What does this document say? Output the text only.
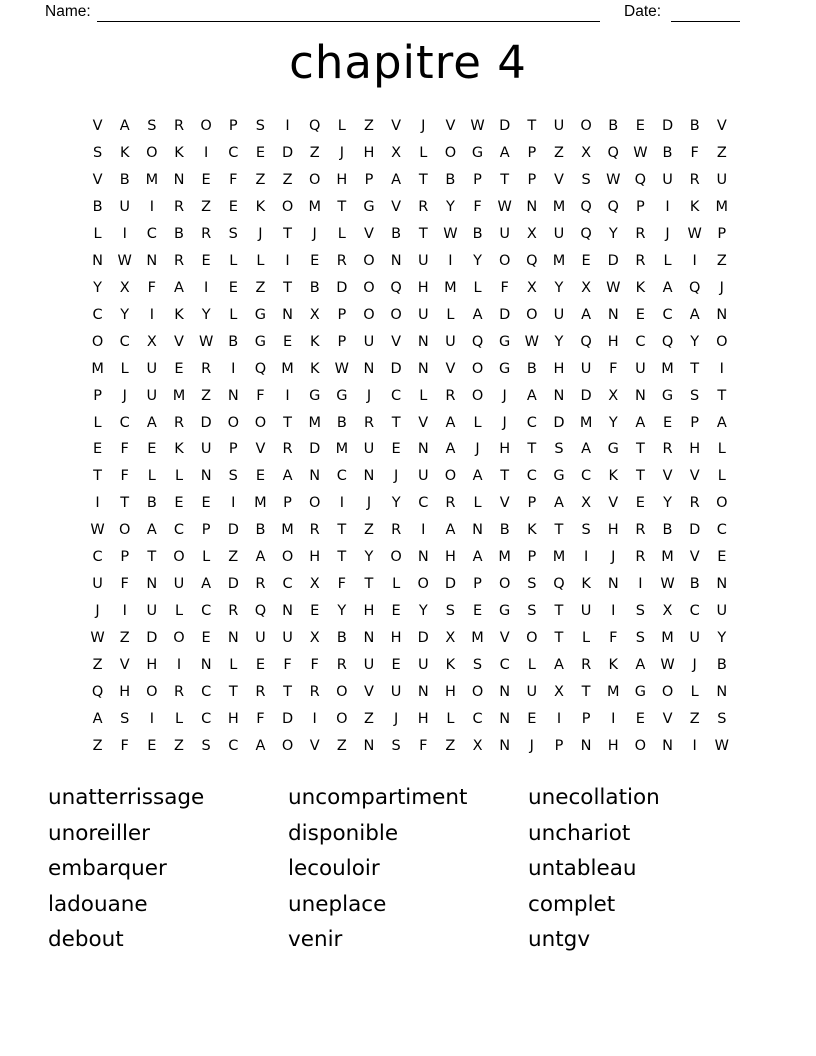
Name:	Date:
chapitre 4
V	A	S	R	O	P	S	I	Q	L	Z	V	J	V	W D	T	U	O	B	E	D	B	V
S	K	O	K	I	C	E	D	Z	J	H	X	L	O	G	A	P	Z	X	Q W	B	F	Z
V	B	M	N	E	F	Z	Z	O	H	P	A	T	B	P	T	P	V	S	W Q	U	R	U
B	U	I	R	Z	E	K	O	M	T	G	V	R	Y	F	W	N	M	Q	Q	P	I	K	M
L	I	C	B	R	S	J	T	J	L	V	B	T	W	B	U	X	U	Q	Y	R	J	W	P
N	W	N	R	E	L	L	I	E	R	O	N	U	I	Y	O	Q	M	E	D	R	L	I	Z
Y	X	F	A	I	E	Z	T	B	D	O	Q	H	M	L	F	X	Y	X	W	K	A	Q	J
C	Y	I	K	Y	L	G	N	X	P	O	O	U	L	A	D	O	U	A	N	E	C	A	N
O	C	X	V	W	B	G	E	K	P	U	V	N	U	Q	G W	Y	Q	H	C	Q	Y	O
M	L	U	E	R	I	Q	M	K	W	N	D	N	V	O	G	B	H	U	F	U	M	T	I
P	J	U	M	Z	N	F	I	G	G	J	C	L	R	O	J	A	N	D	X	N	G	S	T
L	C	A	R	D	O	O	T	M	B	R	T	V	A	L	J	C	D	M	Y	A	E	P	A
E	F	E	K	U	P	V	R	D	M	U	E	N	A	J	H	T	S	A	G	T	R	H	L
T	F	L	L	N	S	E	A	N	C	N	J	U	O	A	T	C	G	C	K	T	V	V	L
I	T	B	E	E	I	M	P	O	I	J	Y	C	R	L	V	P	A	X	V	E	Y	R	O
W O	A	C	P	D	B	M	R	T	Z	R	I	A	N	B	K	T	S	H	R	B	D	C
C	P	T	O	L	Z	A	O	H	T	Y	O	N	H	A	M	P	M	I	J	R	M	V	E
U	F	N	U	A	D	R	C	X	F	T	L	O	D	P	O	S	Q	K	N	I	W	B	N
J	I	U	L	C	R	Q	N	E	Y	H	E	Y	S	E	G	S	T	U	I	S	X	C	U
W	Z	D	O	E	N	U	U	X	B	N	H	D	X	M	V	O	T	L	F	S	M	U	Y
Z	V	H	I	N	L	E	F	F	R	U	E	U	K	S	C	L	A	R	K	A	W	J	B
Q	H	O	R	C	T	R	T	R	O	V	U	N	H	O	N	U	X	T	M	G	O	L	N
A	S	I	L	C	H	F	D	I	O	Z	J	H	L	C	N	E	I	P	I	E	V	Z	S
Z	F	E	Z	S	C	A	O	V	Z	N	S	F	Z	X	N	J	P	N	H	O	N	I	W
unatterrissage	uncompartiment	unecollation
unoreiller	disponible	unchariot
embarquer	lecouloir	untableau
ladouane	uneplace	complet
debout	venir	untgv
